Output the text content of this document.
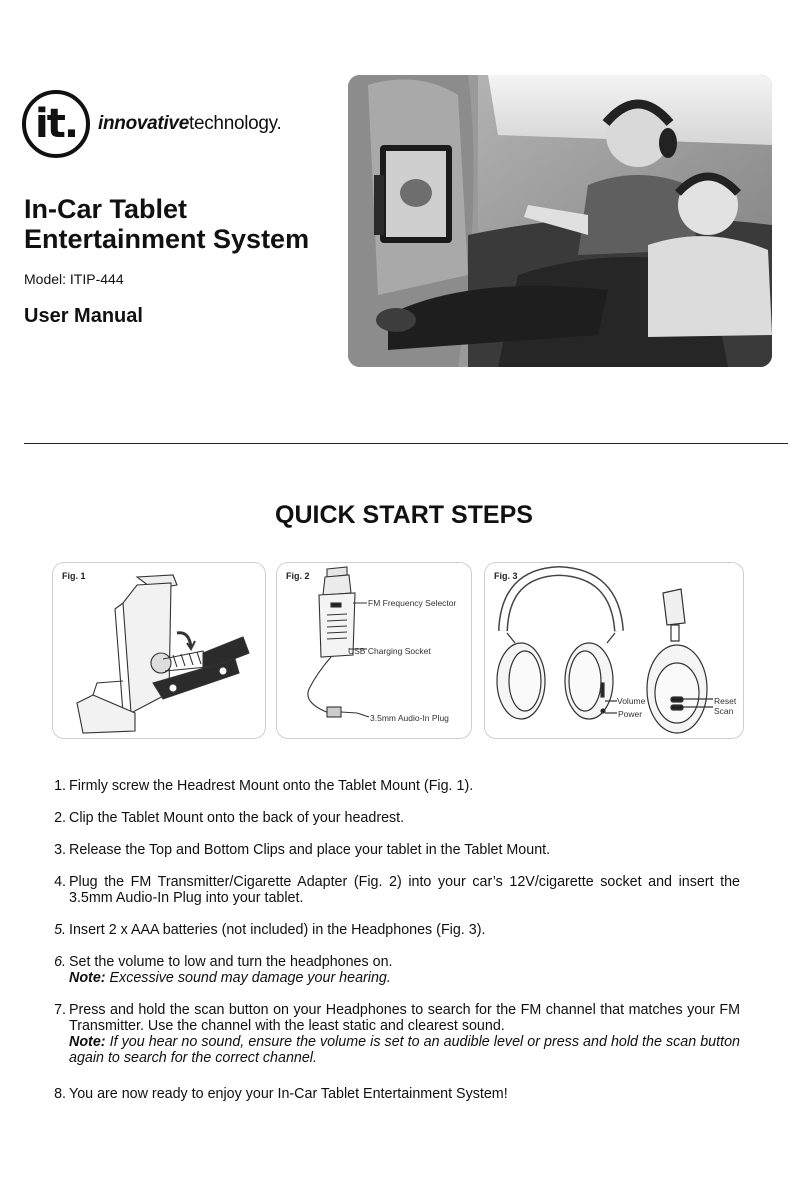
it.	innovativetechnology.
In-Car Tablet
Entertainment System
Model: ITIP-444
User Manual
QUICK START STEPS
Fig. 1	Fig. 2
FM Frequency Selector
USB Charging Socket
3.5mm Audio-In Plug
Fig. 3
Volume
Power
Reset
Scan
1. Firmly screw the Headrest Mount onto the Tablet Mount (Fig. 1).
2. Clip the Tablet Mount onto the back of your headrest.
3. Release the Top and Bottom Clips and place your tablet in the Tablet Mount.
4. Plug the FM Transmitter/Cigarette Adapter (Fig. 2) into your car’s 12V/cigarette socket and insert the 3.5mm Audio-In Plug into your tablet.
5. Insert 2 x AAA batteries (not included) in the Headphones (Fig. 3).
6. Set the volume to low and turn the headphones on.
Note: Excessive sound may damage your hearing.
7. Press and hold the scan button on your Headphones to search for the FM channel that matches your FM Transmitter. Use the channel with the least static and clearest sound.
Note: If you hear no sound, ensure the volume is set to an audible level or press and hold the scan button again to search for the correct channel.
8. You are now ready to enjoy your In-Car Tablet Entertainment System!
